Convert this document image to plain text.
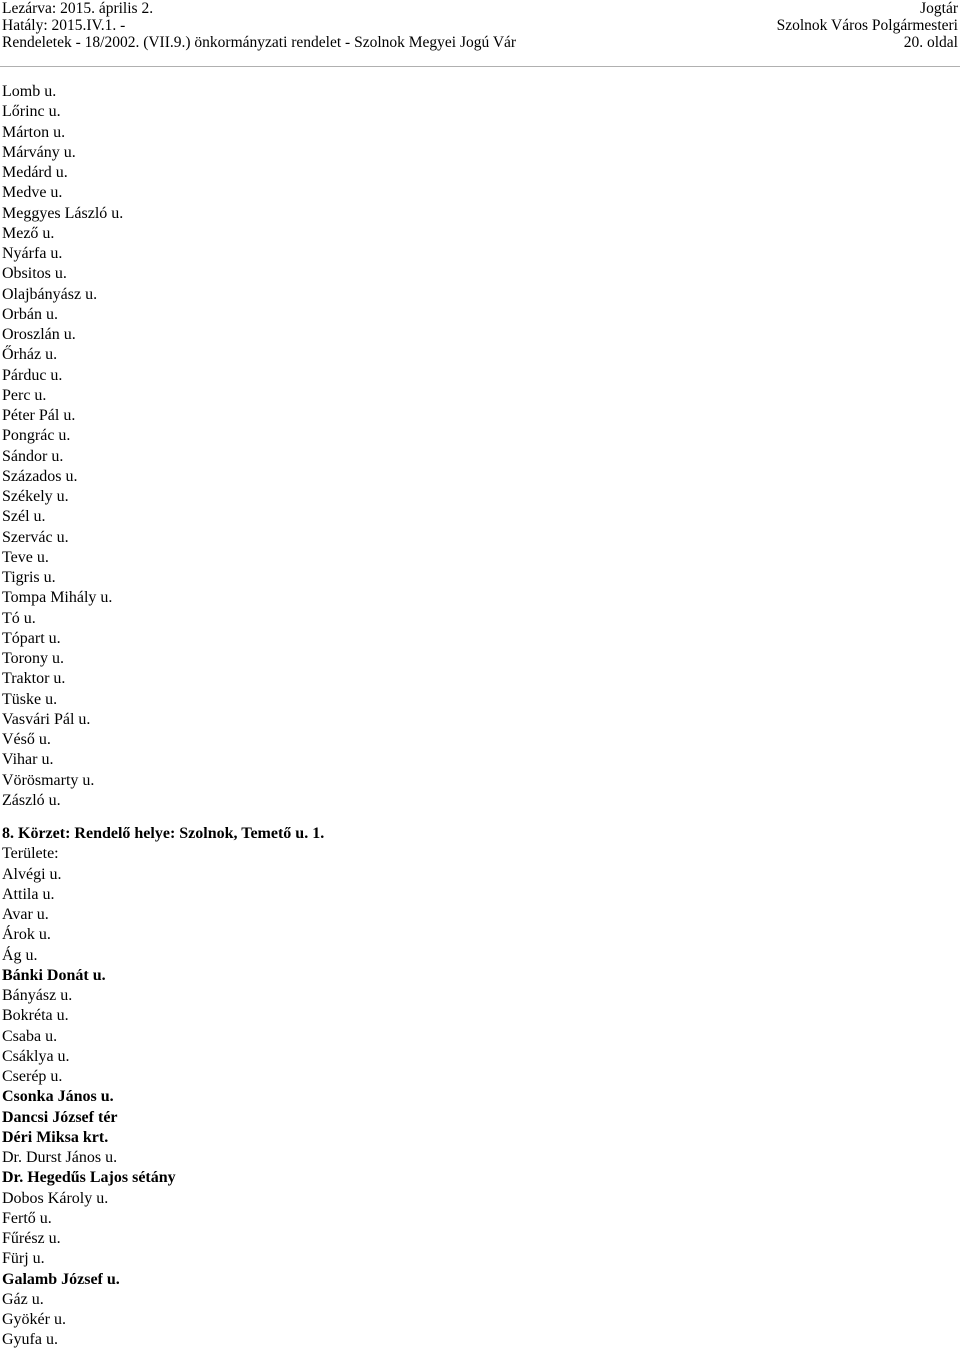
Lezárva: 2015. április 2.
Hatály: 2015.IV.1. -
Rendeletek - 18/2002. (VII.9.) önkormányzati rendelet - Szolnok Megyei Jogú Vár
Jogtár
Szolnok Város Polgármesteri
20. oldal
Lomb u.
Lőrinc u.
Márton u.
Márvány u.
Medárd u.
Medve u.
Meggyes László u.
Mező u.
Nyárfa u.
Obsitos u.
Olajbányász u.
Orbán u.
Oroszlán u.
Őrház u.
Párduc u.
Perc u.
Péter Pál u.
Pongrác u.
Sándor u.
Százados u.
Székely u.
Szél u.
Szervác u.
Teve u.
Tigris u.
Tompa Mihály u.
Tó u.
Tópart u.
Torony u.
Traktor u.
Tüske u.
Vasvári Pál u.
Véső u.
Vihar u.
Vörösmarty u.
Zászló u.
8. Körzet: Rendelő helye: Szolnok, Temető u. 1.
Területe:
Alvégi u.
Attila u.
Avar u.
Árok u.
Ág u.
Bánki Donát u.
Bányász u.
Bokréta u.
Csaba u.
Csáklya u.
Cserép u.
Csonka János u.
Dancsi József tér
Déri Miksa krt.
Dr. Durst János u.
Dr. Hegedűs Lajos sétány
Dobos Károly u.
Fertő u.
Fűrész u.
Fürj u.
Galamb József u.
Gáz u.
Gyökér u.
Gyufa u.
